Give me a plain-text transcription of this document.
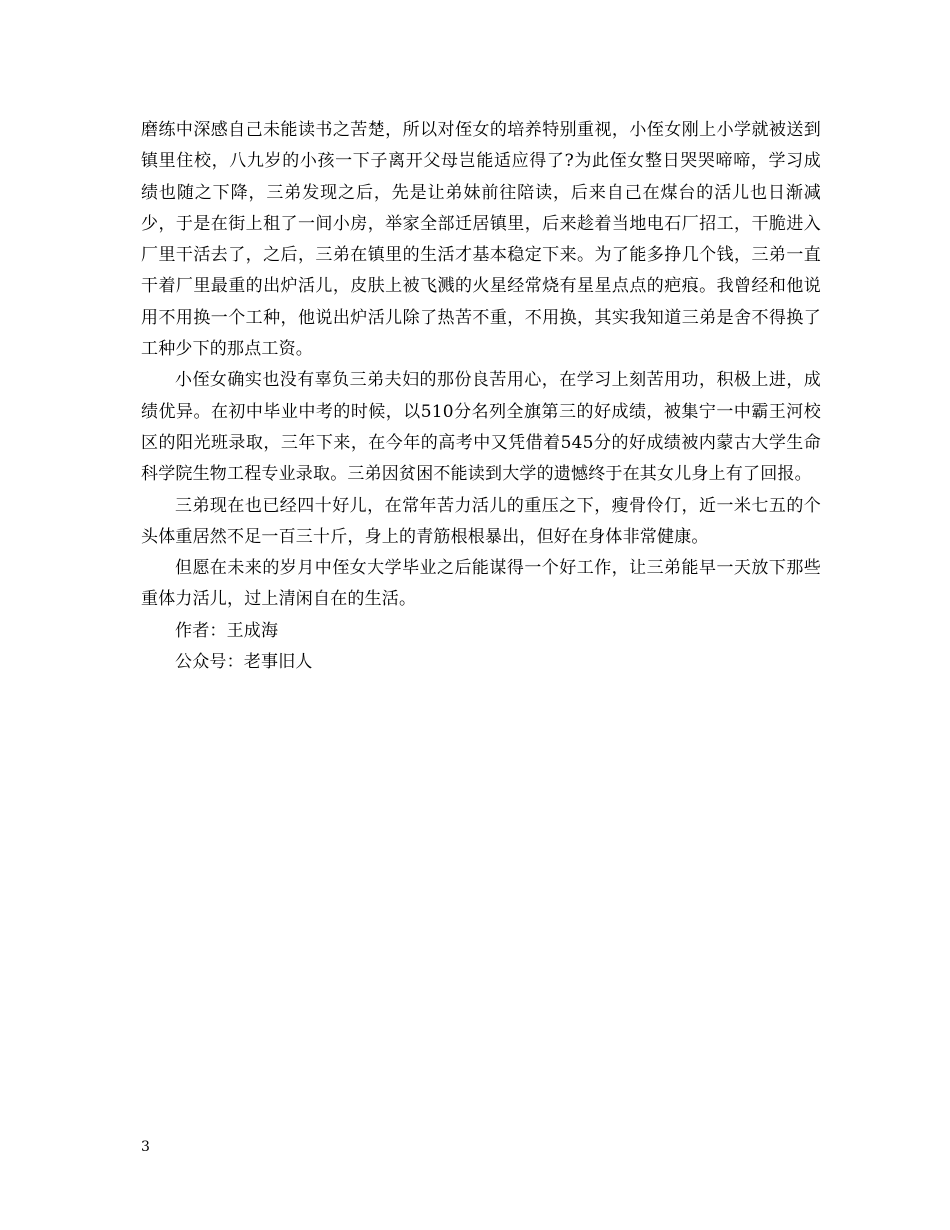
磨练中深感自己未能读书之苦楚，所以对侄女的培养特别重视，小侄女刚上小学就被送到镇里住校，八九岁的小孩一下子离开父母岂能适应得了?为此侄女整日哭哭啼啼，学习成绩也随之下降，三弟发现之后，先是让弟妹前往陪读，后来自己在煤台的活儿也日渐减少，于是在街上租了一间小房，举家全部迁居镇里，后来趁着当地电石厂招工，干脆进入厂里干活去了，之后，三弟在镇里的生活才基本稳定下来。为了能多挣几个钱，三弟一直干着厂里最重的出炉活儿，皮肤上被飞溅的火星经常烧有星星点点的疤痕。我曾经和他说用不用换一个工种，他说出炉活儿除了热苦不重，不用换，其实我知道三弟是舍不得换了工种少下的那点工资。

小侄女确实也没有辜负三弟夫妇的那份良苦用心，在学习上刻苦用功，积极上进，成绩优异。在初中毕业中考的时候，以510分名列全旗第三的好成绩，被集宁一中霸王河校区的阳光班录取，三年下来，在今年的高考中又凭借着545分的好成绩被内蒙古大学生命科学院生物工程专业录取。三弟因贫困不能读到大学的遗憾终于在其女儿身上有了回报。

三弟现在也已经四十好儿，在常年苦力活儿的重压之下，瘦骨伶仃，近一米七五的个头体重居然不足一百三十斤，身上的青筋根根暴出，但好在身体非常健康。

但愿在未来的岁月中侄女大学毕业之后能谋得一个好工作，让三弟能早一天放下那些重体力活儿，过上清闲自在的生活。

作者：王成海

公众号：老事旧人

3
